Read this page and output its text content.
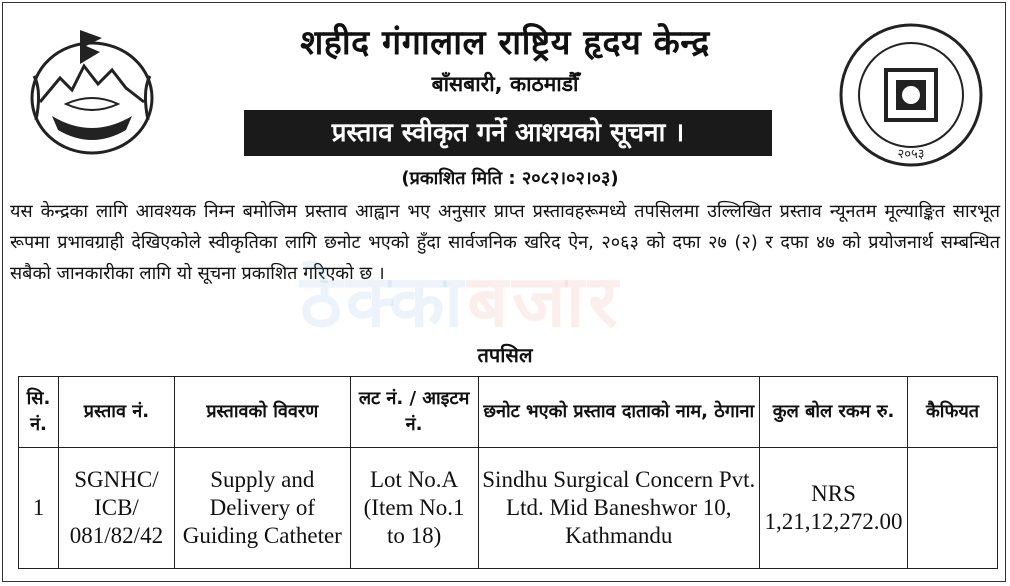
२०५३
शहीद गंगालाल राष्ट्रिय हृदय केन्द्र
बाँसबारी, काठमाडौँ
प्रस्ताव स्वीकृत गर्ने आशयको सूचना ।
(प्रकाशित मिति : २०८२।०२।०३)
यस केन्द्रका लागि आवश्यक निम्न बमोजिम प्रस्ताव आह्वान भए अनुसार प्राप्त प्रस्तावहरूमध्ये तपसिलमा उल्लिखित प्रस्ताव न्यूनतम मूल्याङ्कित सारभूत रूपमा प्रभावग्राही देखिएकोले स्वीकृतिका लागि छनोट भएको हुँदा सार्वजनिक खरिद ऐन, २०६३ को दफा २७ (२) र दफा ४७ को प्रयोजनार्थ सम्बन्धित सबैको जानकारीका लागि यो सूचना प्रकाशित गरिएको छ ।
ठेक्काबजार
तपसिल
सि. नं.	प्रस्ताव नं.	प्रस्तावको विवरण	लट नं. / आइटम नं.	छनोट भएको प्रस्ताव दाताको नाम, ठेगाना	कुल बोल रकम रु.	कैफियत
1	SGNHC/ ICB/ 081/82/42	Supply and Delivery of Guiding Catheter	Lot No.A (Item No.1 to 18)	Sindhu Surgical Concern Pvt. Ltd. Mid Baneshwor 10, Kathmandu	NRS 1,21,12,272.00	
